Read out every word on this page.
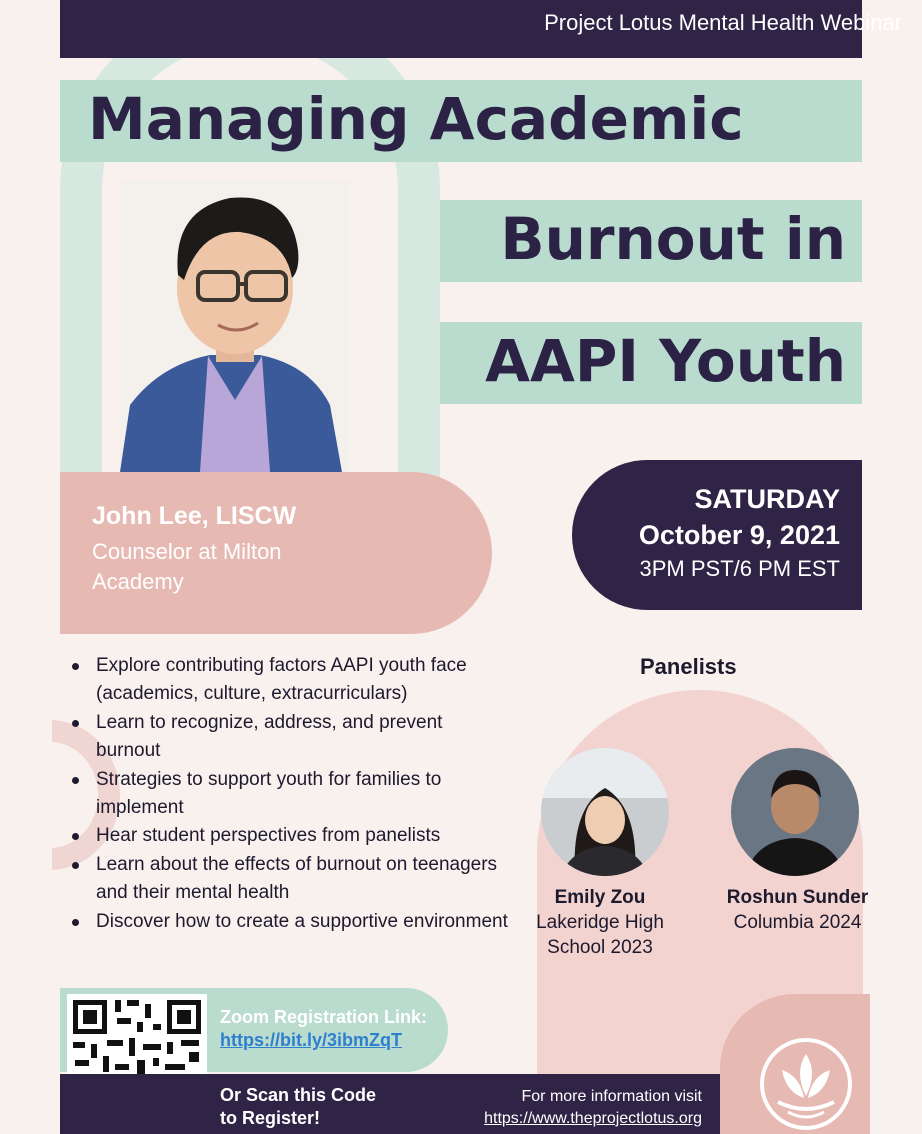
Project Lotus Mental Health Webinar
Managing Academic
Burnout in
AAPI Youth
John Lee, LISCW
Counselor at Milton Academy
SATURDAY
October 9, 2021
3PM PST/6 PM EST
Explore contributing factors AAPI youth face (academics, culture, extracurriculars)
Learn to recognize, address, and prevent burnout
Strategies to support youth for families to implement
Hear student perspectives from panelists
Learn about the effects of burnout on teenagers and their mental health
Discover how to create a supportive environment
Panelists
Emily Zou
Lakeridge High School 2023
Roshun Sunder
Columbia 2024
Zoom Registration Link:
https://bit.ly/3ibmZqT
Or Scan this Code
to Register!
For more information visit
https://www.theprojectlotus.org
